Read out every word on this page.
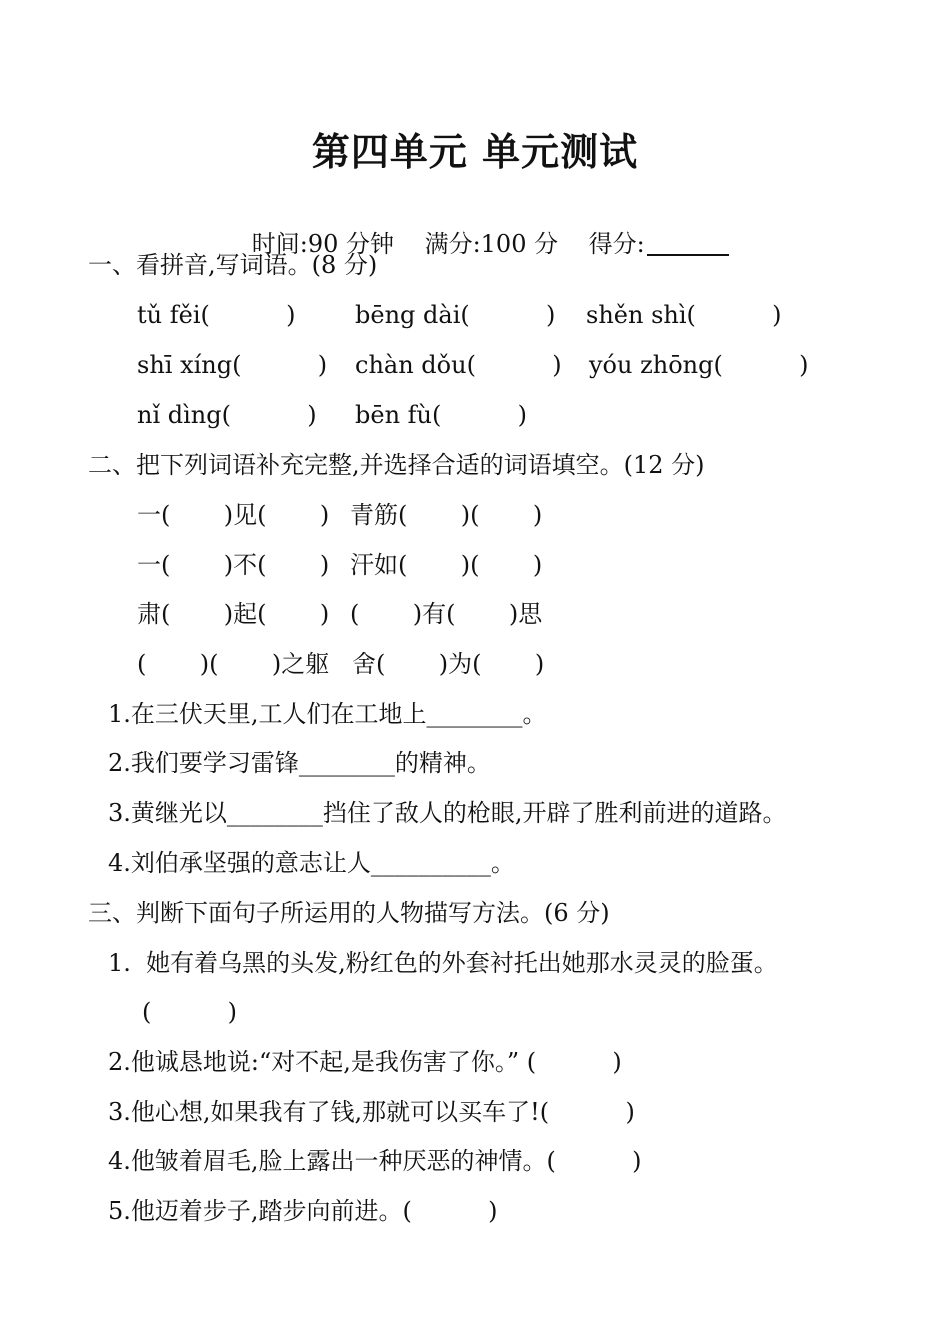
第四单元 单元测试

时间:90 分钟 满分:100 分 得分:

一、看拼音,写词语。(8 分)
tǔ fěi(          ) bēng dài(          ) shěn shì(          )
shī xíng(          ) chàn dǒu(          ) yóu zhōng(          )
nǐ dìng(          ) bēn fù(          )
二、把下列词语补充完整,并选择合适的词语填空。(12 分)
一(       )见(       ) 青筋(       )(       )
一(       )不(       ) 汗如(       )(       )
肃(       )起(       ) (       )有(       )思
(       )(       )之躯 舍(       )为(       )
1.在三伏天里,工人们在工地上________。
2.我们要学习雷锋________的精神。
3.黄继光以________挡住了敌人的枪眼,开辟了胜利前进的道路。
4.刘伯承坚强的意志让人__________。
三、判断下面句子所运用的人物描写方法。(6 分)
1.  她有着乌黑的头发,粉红色的外套衬托出她那水灵灵的脸蛋。
(          )
2.他诚恳地说:“对不起,是我伤害了你。” (          )
3.他心想,如果我有了钱,那就可以买车了!(          )
4.他皱着眉毛,脸上露出一种厌恶的神情。(          )
5.他迈着步子,踏步向前进。(          )
